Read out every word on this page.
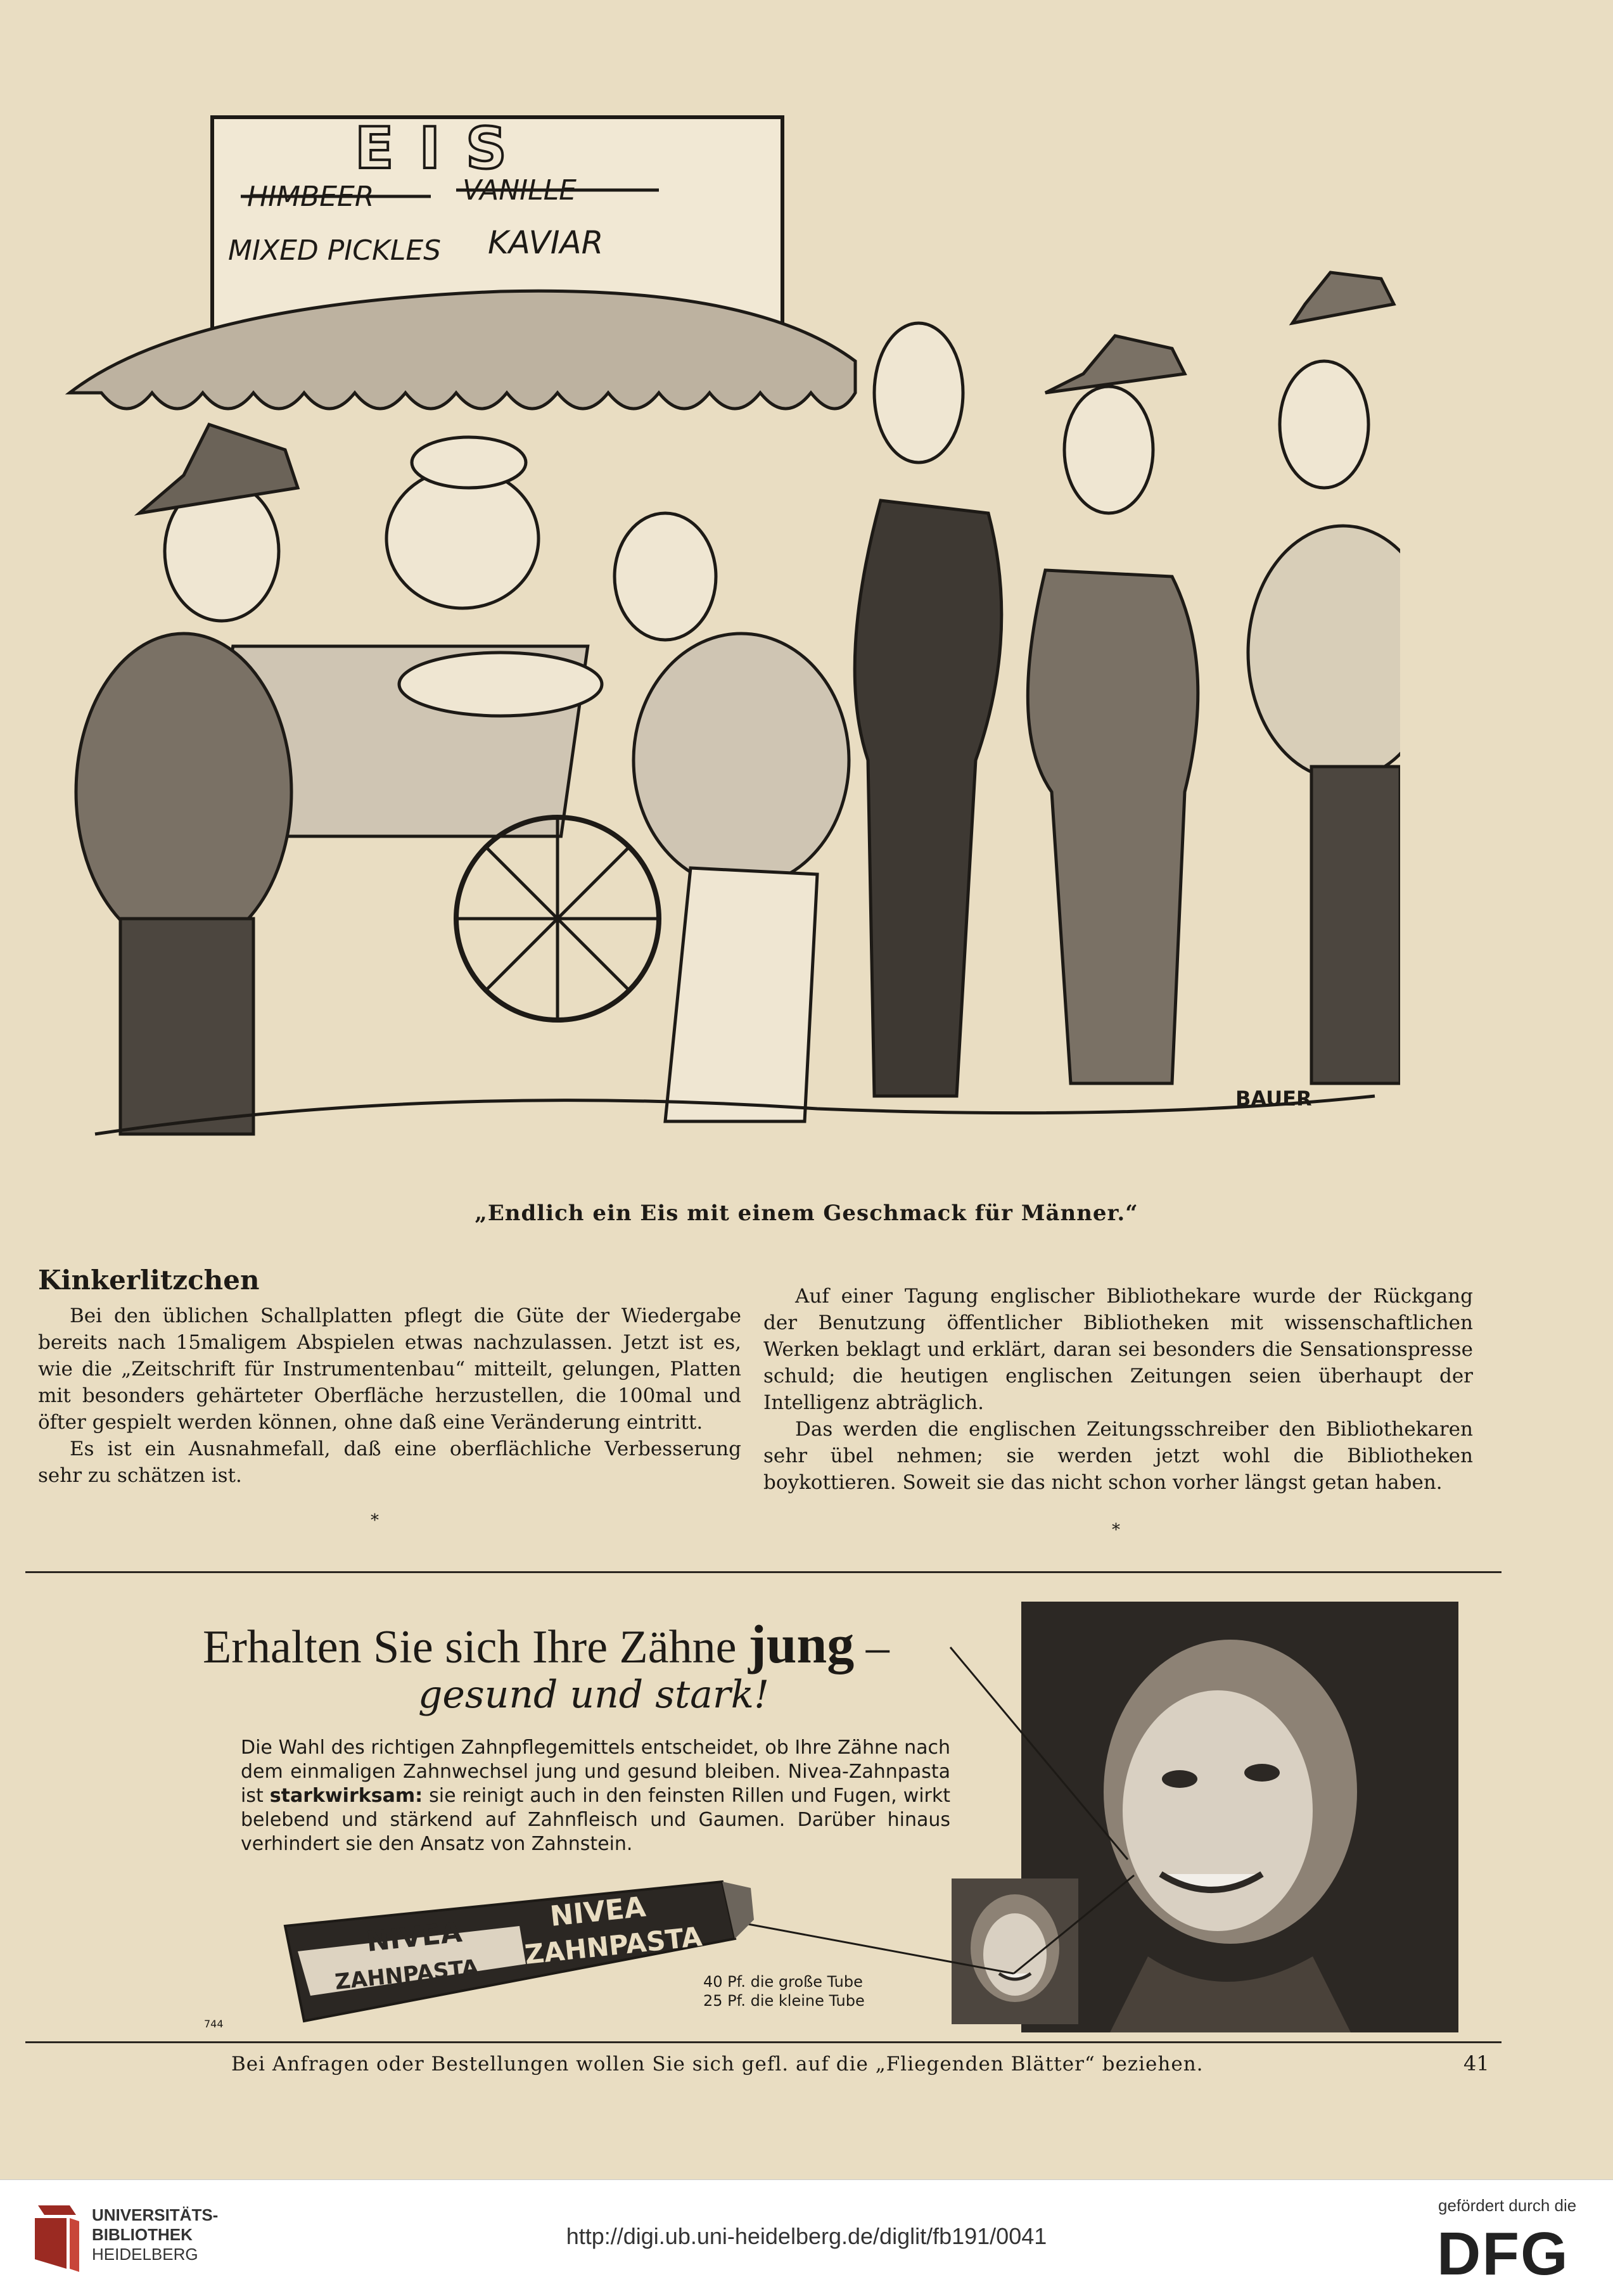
EIS
HIMBEER	VANILLE
MIXED PICKLES KAVIAR
BAUER
„Endlich ein Eis mit einem Geschmack für Männer.“
Kinkerlitzchen

Bei den üblichen Schallplatten pflegt die Güte der Wiedergabe bereits nach 15maligem Abspielen etwas nachzulassen. Jetzt ist es, wie die „Zeitschrift für Instrumentenbau“ mitteilt, gelungen, Platten mit besonders gehärteter Oberfläche herzustellen, die 100mal und öfter gespielt werden können, ohne daß eine Veränderung eintritt.

Es ist ein Ausnahmefall, daß eine oberflächliche Verbesserung sehr zu schätzen ist.

*

Auf einer Tagung englischer Bibliothekare wurde der Rückgang der Benutzung öffentlicher Bibliotheken mit wissenschaftlichen Werken beklagt und erklärt, daran sei besonders die Sensationspresse schuld; die heutigen englischen Zeitungen seien überhaupt der Intelligenz abträglich.

Das werden die englischen Zeitungsschreiber den Bibliothekaren sehr übel nehmen; sie werden jetzt wohl die Bibliotheken boykottieren. Soweit sie das nicht schon vorher längst getan haben.

*
Erhalten Sie sich Ihre Zähne jung –
gesund und stark!
Die Wahl des richtigen Zahnpflegemittels entscheidet, ob Ihre Zähne nach dem einmaligen Zahnwechsel jung und gesund bleiben. Nivea-Zahnpasta ist starkwirksam: sie reinigt auch in den feinsten Rillen und Fugen, wirkt belebend und stärkend auf Zahnfleisch und Gaumen. Darüber hinaus verhindert sie den Ansatz von Zahnstein.
NIVEA
ZAHNPASTA
NIVEA
ZAHNPASTA
40 Pf. die große Tube
25 Pf. die kleine Tube
744
Bei Anfragen oder Bestellungen wollen Sie sich gefl. auf die „Fliegenden Blätter“ beziehen.	41
UNIVERSITÄTS-
BIBLIOTHEK
HEIDELBERG
http://digi.ub.uni-heidelberg.de/diglit/fb191/0041
gefördert durch die
DFG
